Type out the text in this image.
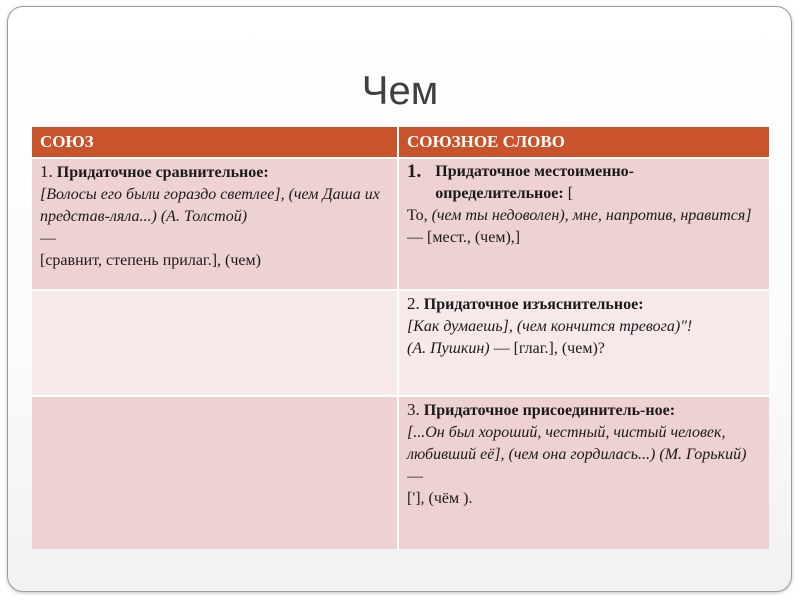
Чем
СОЮЗ	СОЮЗНОЕ СЛОВО
1. Придаточное сравнительное:
[Волосы его были гораздо светлее], (чем Даша их представ-ляла...) (А. Толстой)
—
[сравнит, степень прилаг.], (чем)	1. Придаточное местоименно-определительное: [
То, (чем ты недоволен), мне, напротив, нравится] — [мест., (чем),]
	2. Придаточное изъяснительное:
[Как думаешь], (чем кончится тревога)"!
(А. Пушкин) — [глаг.], (чем)?
	3. Придаточное присоединитель-ное:
[...Он был хороший, честный, чистый человек, любивший её], (чем она гордилась...) (М. Горький) —
['], (чём ).
